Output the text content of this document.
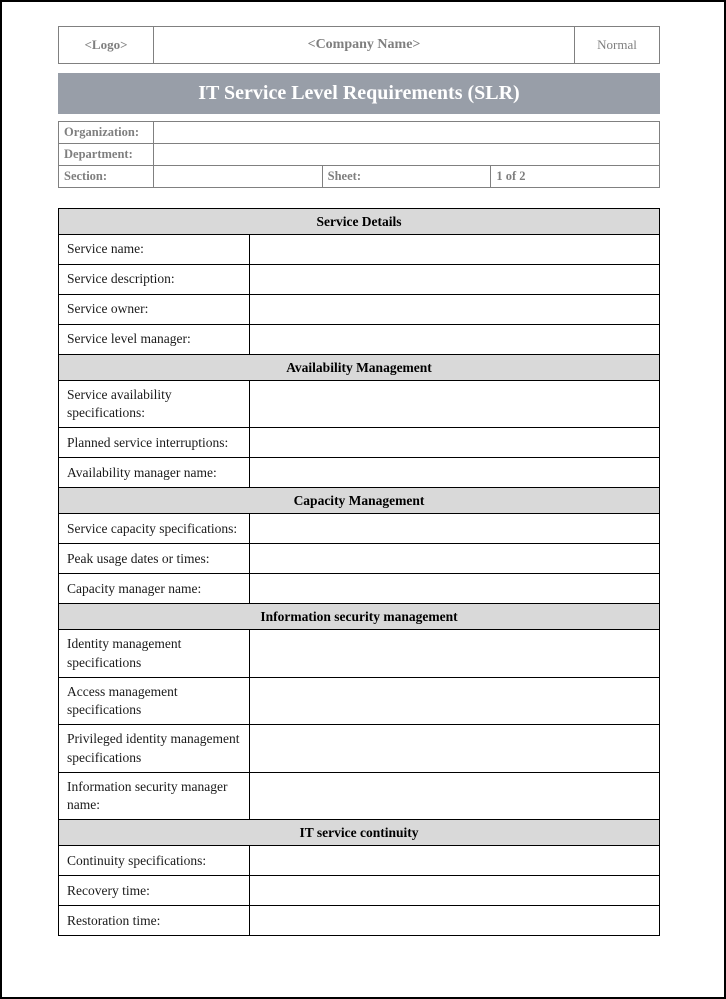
<Logo>	<Company Name>	Normal
IT Service Level Requirements (SLR)
Organization:			
Department:			
Section:		Sheet:	1 of 2
Service Details	
Service name:	
Service description:	
Service owner:	
Service level manager:	
Availability Management	
Service availability specifications:	
Planned service interruptions:	
Availability manager name:	
Capacity Management	
Service capacity specifications:	
Peak usage dates or times:	
Capacity manager name:	
Information security management	
Identity management specifications	
Access management specifications	
Privileged identity management specifications	
Information security manager name:	
IT service continuity	
Continuity specifications:	
Recovery time:	
Restoration time:	
